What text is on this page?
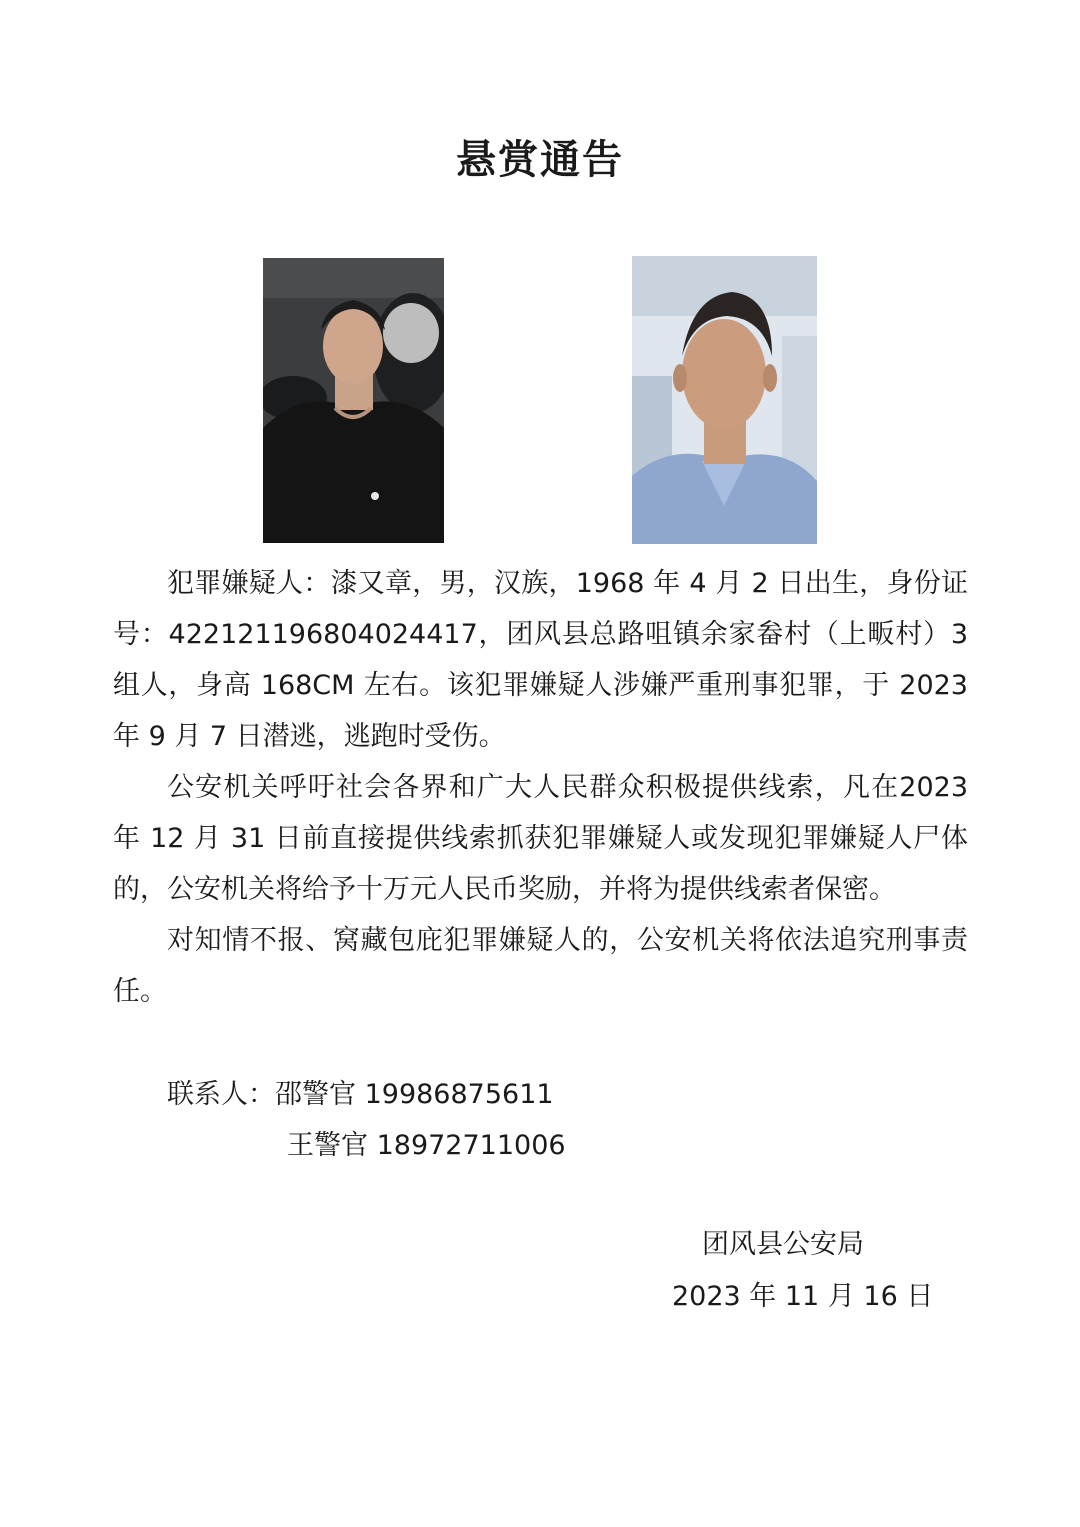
悬赏通告

犯罪嫌疑人：漆又章，男，汉族，1968 年 4 月 2 日出生，身份证号：422121196804024417，团风县总路咀镇余家畚村（上畈村）3组人，身高 168CM 左右。该犯罪嫌疑人涉嫌严重刑事犯罪，于 2023年 9 月 7 日潜逃，逃跑时受伤。

公安机关呼吁社会各界和广大人民群众积极提供线索，凡在2023 年 12 月 31 日前直接提供线索抓获犯罪嫌疑人或发现犯罪嫌疑人尸体的，公安机关将给予十万元人民币奖励，并将为提供线索者保密。

对知情不报、窝藏包庇犯罪嫌疑人的，公安机关将依法追究刑事责任。

联系人：邵警官 19986875611
王警官 18972711006
团风县公安局
2023 年 11 月 16 日
